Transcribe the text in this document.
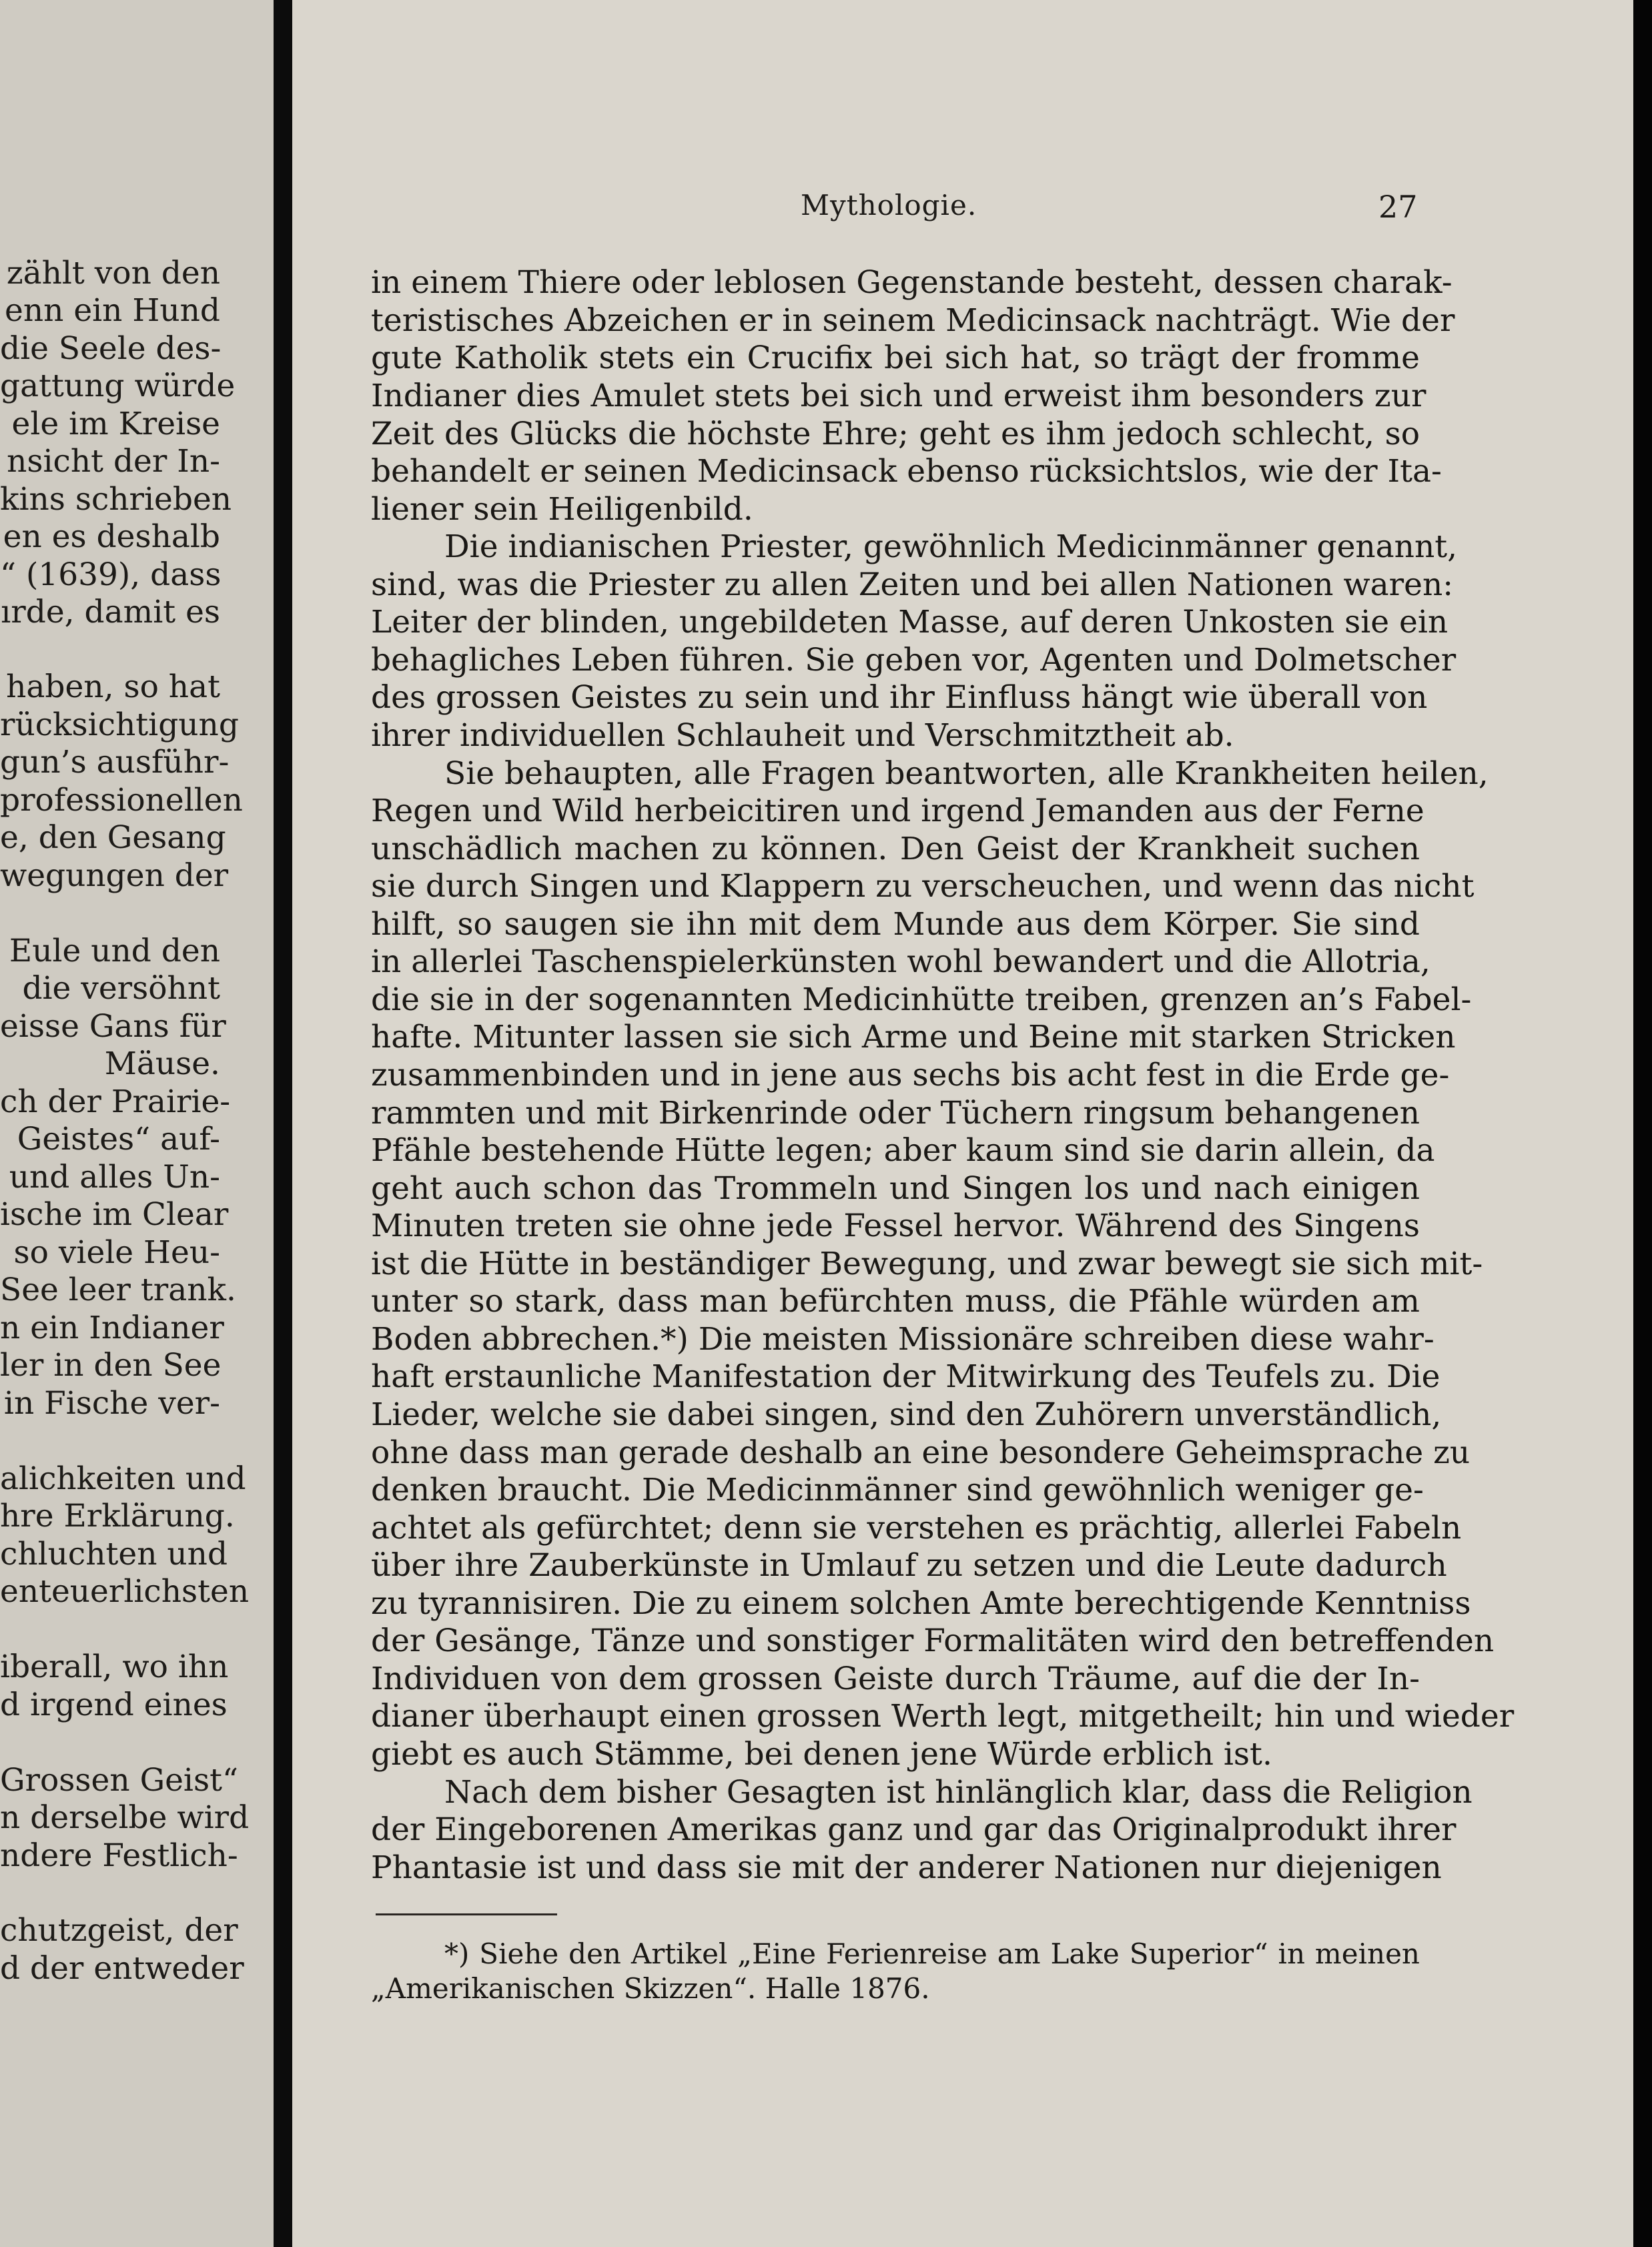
zählt von den
enn ein Hund
die Seele des-
gattung würde
ele im Kreise
nsicht der In-
kins schrieben
en es deshalb
“ (1639), dass
ırde, damit es
haben, so hat
rücksichtigung
gun’s ausführ-
professionellen
e, den Gesang
wegungen der
Eule und den
die versöhnt
eisse Gans für
Mäuse.
ch der Prairie-
Geistes“ auf-
und alles Un-
ische im Clear
so viele Heu-
See leer trank.
n ein Indianer
ler in den See
in Fische ver-
alichkeiten und
hre Erklärung.
chluchten und
enteuerlichsten
iberall, wo ihn
d irgend eines
Grossen Geist“
n derselbe wird
ndere Festlich-
chutzgeist, der
d der entweder
Mythologie.	27
in einem Thiere oder leblosen Gegenstande besteht, dessen charak-
teristisches Abzeichen er in seinem Medicinsack nachträgt. Wie der
gute Katholik stets ein Crucifix bei sich hat, so trägt der fromme
Indianer dies Amulet stets bei sich und erweist ihm besonders zur
Zeit des Glücks die höchste Ehre; geht es ihm jedoch schlecht, so
behandelt er seinen Medicinsack ebenso rücksichtslos, wie der Ita-
liener sein Heiligenbild.
Die indianischen Priester, gewöhnlich Medicinmänner genannt,
sind, was die Priester zu allen Zeiten und bei allen Nationen waren:
Leiter der blinden, ungebildeten Masse, auf deren Unkosten sie ein
behagliches Leben führen. Sie geben vor, Agenten und Dolmetscher
des grossen Geistes zu sein und ihr Einfluss hängt wie überall von
ihrer individuellen Schlauheit und Verschmitztheit ab.
Sie behaupten, alle Fragen beantworten, alle Krankheiten heilen,
Regen und Wild herbeicitiren und irgend Jemanden aus der Ferne
unschädlich machen zu können. Den Geist der Krankheit suchen
sie durch Singen und Klappern zu verscheuchen, und wenn das nicht
hilft, so saugen sie ihn mit dem Munde aus dem Körper. Sie sind
in allerlei Taschenspielerkünsten wohl bewandert und die Allotria,
die sie in der sogenannten Medicinhütte treiben, grenzen an’s Fabel-
hafte. Mitunter lassen sie sich Arme und Beine mit starken Stricken
zusammenbinden und in jene aus sechs bis acht fest in die Erde ge-
rammten und mit Birkenrinde oder Tüchern ringsum behangenen
Pfähle bestehende Hütte legen; aber kaum sind sie darin allein, da
geht auch schon das Trommeln und Singen los und nach einigen
Minuten treten sie ohne jede Fessel hervor. Während des Singens
ist die Hütte in beständiger Bewegung, und zwar bewegt sie sich mit-
unter so stark, dass man befürchten muss, die Pfähle würden am
Boden abbrechen.*) Die meisten Missionäre schreiben diese wahr-
haft erstaunliche Manifestation der Mitwirkung des Teufels zu. Die
Lieder, welche sie dabei singen, sind den Zuhörern unverständlich,
ohne dass man gerade deshalb an eine besondere Geheimsprache zu
denken braucht. Die Medicinmänner sind gewöhnlich weniger ge-
achtet als gefürchtet; denn sie verstehen es prächtig, allerlei Fabeln
über ihre Zauberkünste in Umlauf zu setzen und die Leute dadurch
zu tyrannisiren. Die zu einem solchen Amte berechtigende Kenntniss
der Gesänge, Tänze und sonstiger Formalitäten wird den betreffenden
Individuen von dem grossen Geiste durch Träume, auf die der In-
dianer überhaupt einen grossen Werth legt, mitgetheilt; hin und wieder
giebt es auch Stämme, bei denen jene Würde erblich ist.
Nach dem bisher Gesagten ist hinlänglich klar, dass die Religion
der Eingeborenen Amerikas ganz und gar das Originalprodukt ihrer
Phantasie ist und dass sie mit der anderer Nationen nur diejenigen
*) Siehe den Artikel „Eine Ferienreise am Lake Superior“ in meinen
„Amerikanischen Skizzen“. Halle 1876.
